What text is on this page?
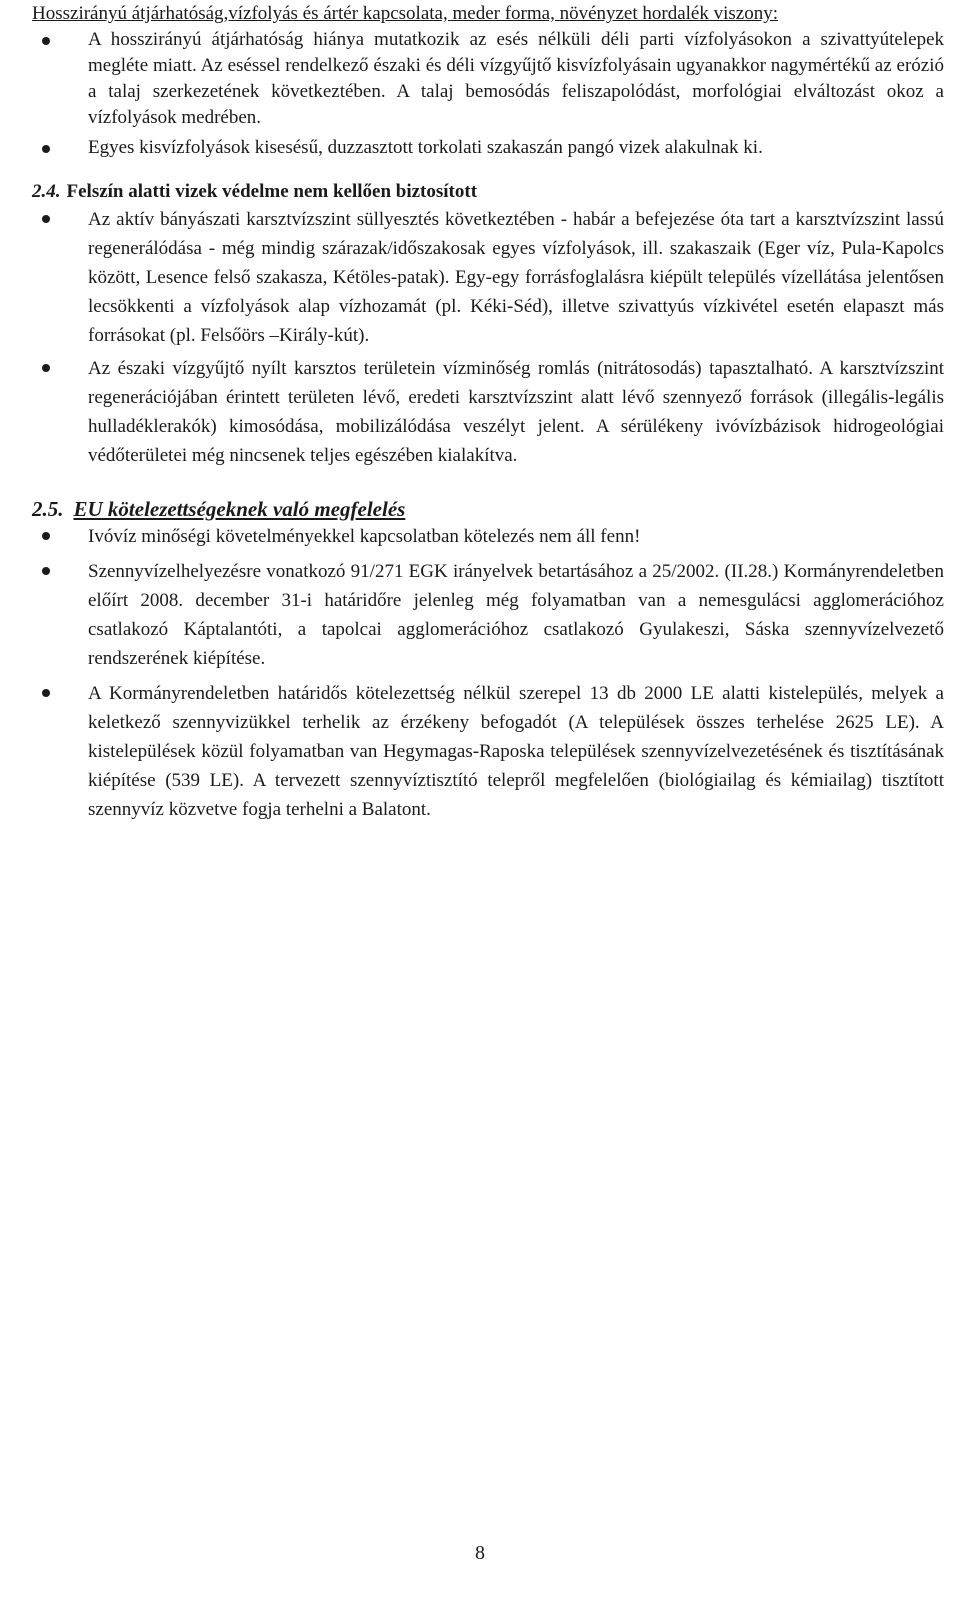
Hosszirányú átjárhatóság,vízfolyás és ártér kapcsolata, meder forma, növényzet hordalék viszony:

A hosszirányú átjárhatóság hiánya mutatkozik az esés nélküli déli parti vízfolyásokon a szivattyútelepek megléte miatt. Az eséssel rendelkező északi és déli vízgyűjtő kisvízfolyásain ugyanakkor nagymértékű az erózió a talaj szerkezetének következtében. A talaj bemosódás feliszapolódást, morfológiai elváltozást okoz a vízfolyások medrében.
Egyes kisvízfolyások kisesésű, duzzasztott torkolati szakaszán pangó vizek alakulnak ki.
2.4. Felszín alatti vizek védelme nem kellően biztosított
Az aktív bányászati karsztvízszint süllyesztés következtében - habár a befejezése óta tart a karsztvízszint lassú regenerálódása - még mindig szárazak/időszakosak egyes vízfolyások, ill. szakaszaik (Eger víz, Pula-Kapolcs között, Lesence felső szakasza, Kétöles-patak). Egy-egy forrásfoglalásra kiépült település vízellátása jelentősen lecsökkenti a vízfolyások alap vízhozamát (pl. Kéki-Séd), illetve szivattyús vízkivétel esetén elapaszt más forrásokat (pl. Felsőörs –Király-kút).
Az északi vízgyűjtő nyílt karsztos területein vízminőség romlás (nitrátosodás) tapasztalható. A karsztvízszint regenerációjában érintett területen lévő, eredeti karsztvízszint alatt lévő szennyező források (illegális-legális hulladéklerakók) kimosódása, mobilizálódása veszélyt jelent. A sérülékeny ivóvízbázisok hidrogeológiai védőterületei még nincsenek teljes egészében kialakítva.
2.5. EU kötelezettségeknek való megfelelés
Ivóvíz minőségi követelményekkel kapcsolatban kötelezés nem áll fenn!
Szennyvízelhelyezésre vonatkozó 91/271 EGK irányelvek betartásához a 25/2002. (II.28.) Kormányrendeletben előírt 2008. december 31-i határidőre jelenleg még folyamatban van a nemesgulácsi agglomerációhoz csatlakozó Káptalantóti, a tapolcai agglomerációhoz csatlakozó Gyulakeszi, Sáska szennyvízelvezető rendszerének kiépítése.
A Kormányrendeletben határidős kötelezettség nélkül szerepel 13 db 2000 LE alatti kistelepülés, melyek a keletkező szennyvizükkel terhelik az érzékeny befogadót (A települések összes terhelése 2625 LE). A kistelepülések közül folyamatban van Hegymagas-Raposka települések szennyvízelvezetésének és tisztításának kiépítése (539 LE). A tervezett szennyvíztisztító telepről megfelelően (biológiailag és kémiailag) tisztított szennyvíz közvetve fogja terhelni a Balatont.
8
